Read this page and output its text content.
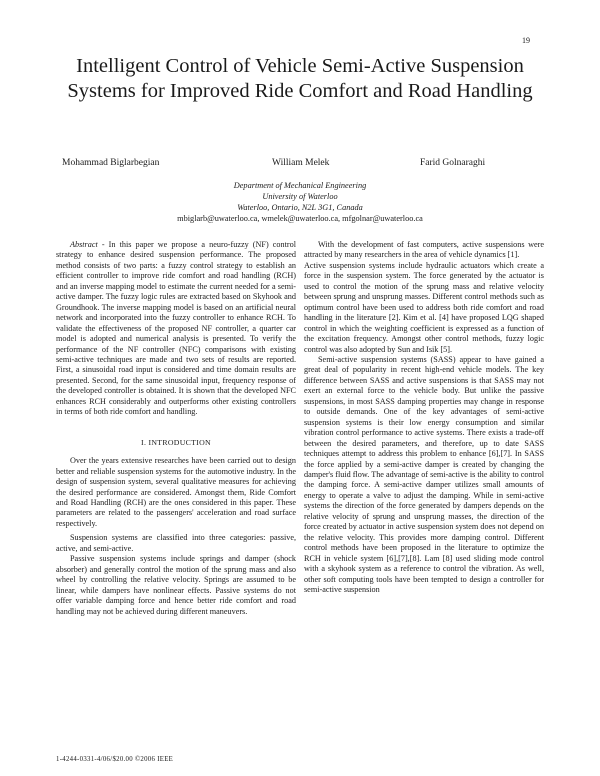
19
Intelligent Control of Vehicle Semi-Active Suspension Systems for Improved Ride Comfort and Road Handling
Mohammad Biglarbegian	William Melek	Farid Golnaraghi
Department of Mechanical Engineering
University of Waterloo
Waterloo, Ontario, N2L 3G1, Canada
mbiglarb@uwaterloo.ca, wmelek@uwaterloo.ca, mfgolnar@uwaterloo.ca

Abstract - In this paper we propose a neuro-fuzzy (NF) control strategy to enhance desired suspension performance. The proposed method consists of two parts: a fuzzy control strategy to establish an efficient controller to improve ride comfort and road handling (RCH) and an inverse mapping model to estimate the current needed for a semi-active damper. The fuzzy logic rules are extracted based on Skyhook and Groundhook. The inverse mapping model is based on an artificial neural network and incorporated into the fuzzy controller to enhance RCH. To validate the effectiveness of the proposed NF controller, a quarter car model is adopted and numerical analysis is presented. To verify the performance of the NF controller (NFC) comparisons with existing semi-active techniques are made and two sets of results are reported. First, a sinusoidal road input is considered and time domain results are presented. Second, for the same sinusoidal input, frequency response of the developed controller is obtained. It is shown that the developed NFC enhances RCH considerably and outperforms other existing controllers in terms of both ride comfort and handling.

I. INTRODUCTION

Over the years extensive researches have been carried out to design better and reliable suspension systems for the automotive industry. In the design of suspension system, several qualitative measures for achieving the desired performance are considered. Amongst them, Ride Comfort and Road Handling (RCH) are the ones considered in this paper. These parameters are related to the passengers' acceleration and road surface respectively.

Suspension systems are classified into three categories: passive, active, and semi-active.

Passive suspension systems include springs and damper (shock absorber) and generally control the motion of the sprung mass and also wheel by controlling the relative velocity. Springs are assumed to be linear, while dampers have nonlinear effects. Passive systems do not offer variable damping force and hence better ride comfort and road handling may not be achieved during different maneuvers.

With the development of fast computers, active suspensions were attracted by many researchers in the area of vehicle dynamics [1].

Active suspension systems include hydraulic actuators which create a force in the suspension system. The force generated by the actuator is used to control the motion of the sprung mass and relative velocity between sprung and unsprung masses. Different control methods such as optimum control have been used to address both ride comfort and road handling in the literature [2]. Kim et al. [4] have proposed LQG shaped control in which the weighting coefficient is expressed as a function of the excitation frequency. Amongst other control methods, fuzzy logic control was also adopted by Sun and Isik [5].

Semi-active suspension systems (SASS) appear to have gained a great deal of popularity in recent high-end vehicle models. The key difference between SASS and active suspensions is that SASS may not exert an external force to the vehicle body. But unlike the passive suspensions, in most SASS damping properties may change in response to outside demands. One of the key advantages of semi-active suspension systems is their low energy consumption and similar vibration control performance to active systems. There exists a trade-off between the desired parameters, and therefore, up to date SASS techniques attempt to address this problem to enhance [6],[7]. In SASS the force applied by a semi-active damper is created by changing the damper's fluid flow. The advantage of semi-active is the ability to control the damping force. A semi-active damper utilizes small amounts of energy to operate a valve to adjust the damping. While in semi-active systems the direction of the force generated by dampers depends on the relative velocity of sprung and unsprung masses, the direction of the force created by actuator in active suspension system does not depend on the relative velocity. This provides more damping control. Different control methods have been proposed in the literature to optimize the RCH in vehicle system [6],[7],[8]. Lam [8] used sliding mode control with a skyhook system as a reference to control the vibration. As well, other soft computing tools have been tempted to design a controller for semi-active suspension

1-4244-0331-4/06/$20.00 ©2006 IEEE
